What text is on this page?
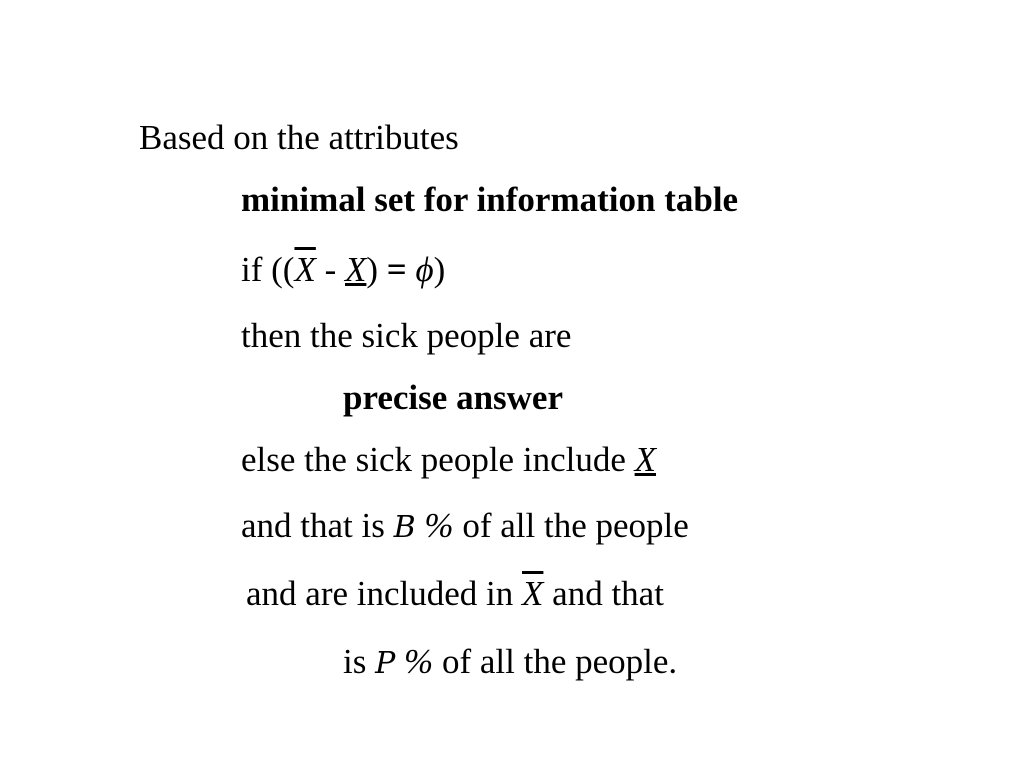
Based on the attributes
minimal set for information table
if $((\overline{X} - X) = \phi)$
then the sick people are
precise answer
else the sick people include X
and that is B % of all the people
and are included in $\overline{X}$ and that
is P % of all the people.
